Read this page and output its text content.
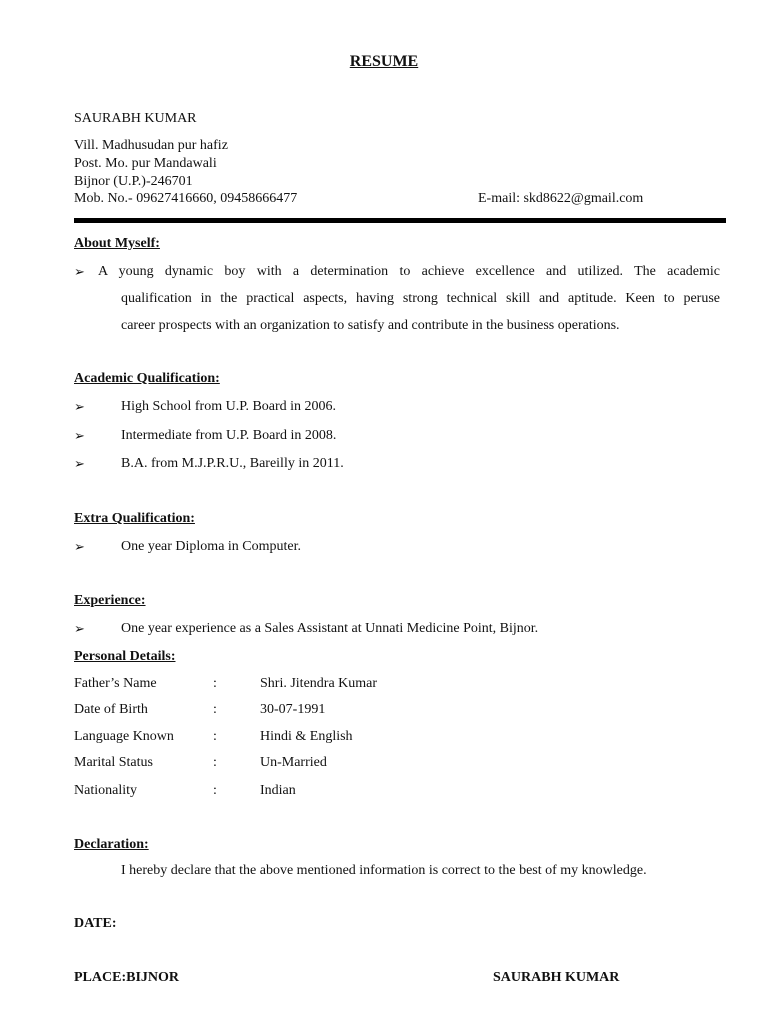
RESUME
SAURABH KUMAR
Vill. Madhusudan pur hafiz
Post. Mo. pur Mandawali
Bijnor (U.P.)-246701
Mob. No.- 09627416660, 09458666477	E-mail: skd8622@gmail.com
About Myself:
➢ A young dynamic boy with a determination to achieve excellence and utilized. The academic
qualification in the practical aspects, having strong technical skill and aptitude. Keen to peruse
career prospects with an organization to satisfy and contribute in the business operations.
Academic Qualification:
➢	High School from U.P. Board in 2006.
➢	Intermediate from U.P. Board in 2008.
➢	B.A. from M.J.P.R.U., Bareilly in 2011.
Extra Qualification:
➢	One year Diploma in Computer.
Experience:
➢	One year experience as a Sales Assistant at Unnati Medicine Point, Bijnor.
Personal Details:
Father’s Name	:	Shri. Jitendra Kumar
Date of Birth	:	30-07-1991
Language Known	:	Hindi & English
Marital Status	:	Un-Married
Nationality	:	Indian
Declaration:
I hereby declare that the above mentioned information is correct to the best of my knowledge.
DATE:
PLACE:BIJNOR	SAURABH KUMAR
